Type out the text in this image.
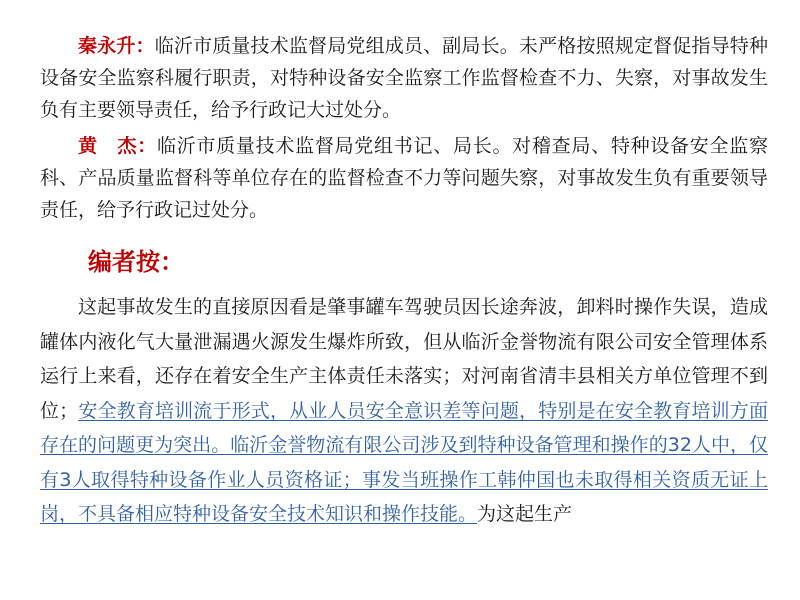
秦永升：临沂市质量技术监督局党组成员、副局长。未严格按照规定督促指导特种设备安全监察科履行职责，对特种设备安全监察工作监督检查不力、失察，对事故发生负有主要领导责任，给予行政记大过处分。

黄　杰：临沂市质量技术监督局党组书记、局长。对稽查局、特种设备安全监察科、产品质量监督科等单位存在的监督检查不力等问题失察，对事故发生负有重要领导责任，给予行政记过处分。

编者按：

这起事故发生的直接原因看是肇事罐车驾驶员因长途奔波，卸料时操作失误，造成罐体内液化气大量泄漏遇火源发生爆炸所致，但从临沂金誉物流有限公司安全管理体系运行上来看，还存在着安全生产主体责任未落实；对河南省清丰县相关方单位管理不到位；安全教育培训流于形式，从业人员安全意识差等问题，特别是在安全教育培训方面存在的问题更为突出。临沂金誉物流有限公司涉及到特种设备管理和操作的32人中，仅有3人取得特种设备作业人员资格证；事发当班操作工韩仲国也未取得相关资质无证上岗，不具备相应特种设备安全技术知识和操作技能。为这起生产
